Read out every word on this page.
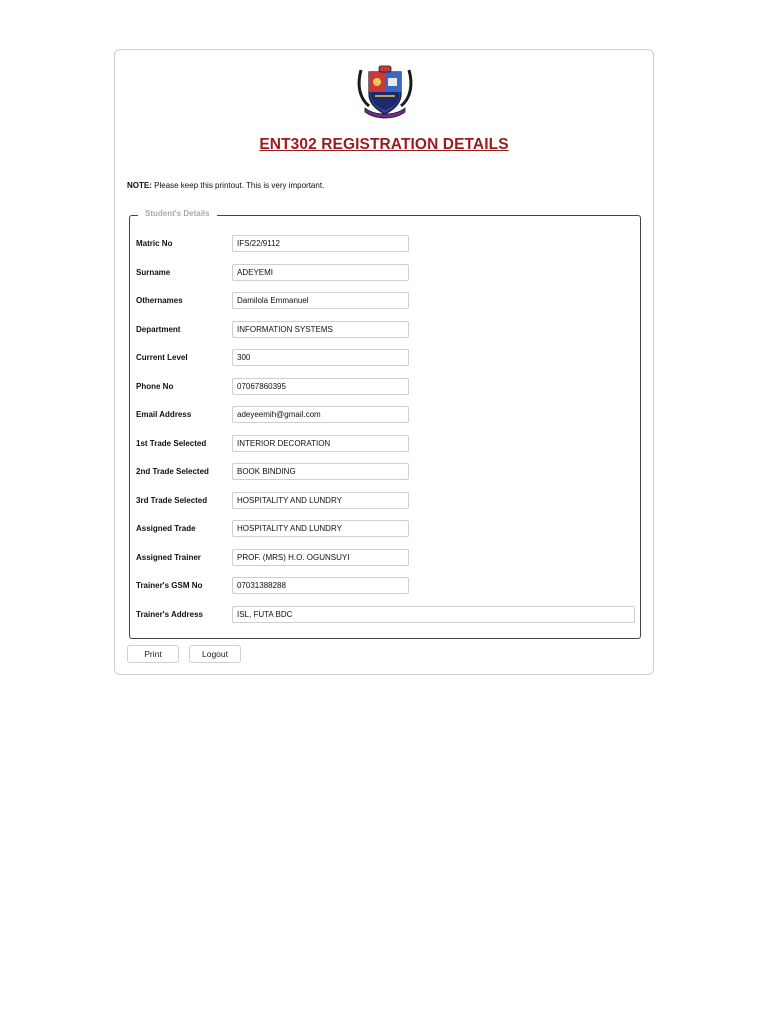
ENT302 REGISTRATION DETAILS
NOTE: Please keep this printout. This is very important.
Student's Details
Matric No	IFS/22/9112
Surname	ADEYEMI
Othernames	Damilola Emmanuel
Department	INFORMATION SYSTEMS
Current Level	300
Phone No	07067860395
Email Address	adeyeemih@gmail.com
1st Trade Selected	INTERIOR DECORATION
2nd Trade Selected	BOOK BINDING
3rd Trade Selected	HOSPITALITY AND LUNDRY
Assigned Trade	HOSPITALITY AND LUNDRY
Assigned Trainer	PROF. (MRS) H.O. OGUNSUYI
Trainer's GSM No	07031388288
Trainer's Address	ISL, FUTA BDC
Print	Logout
